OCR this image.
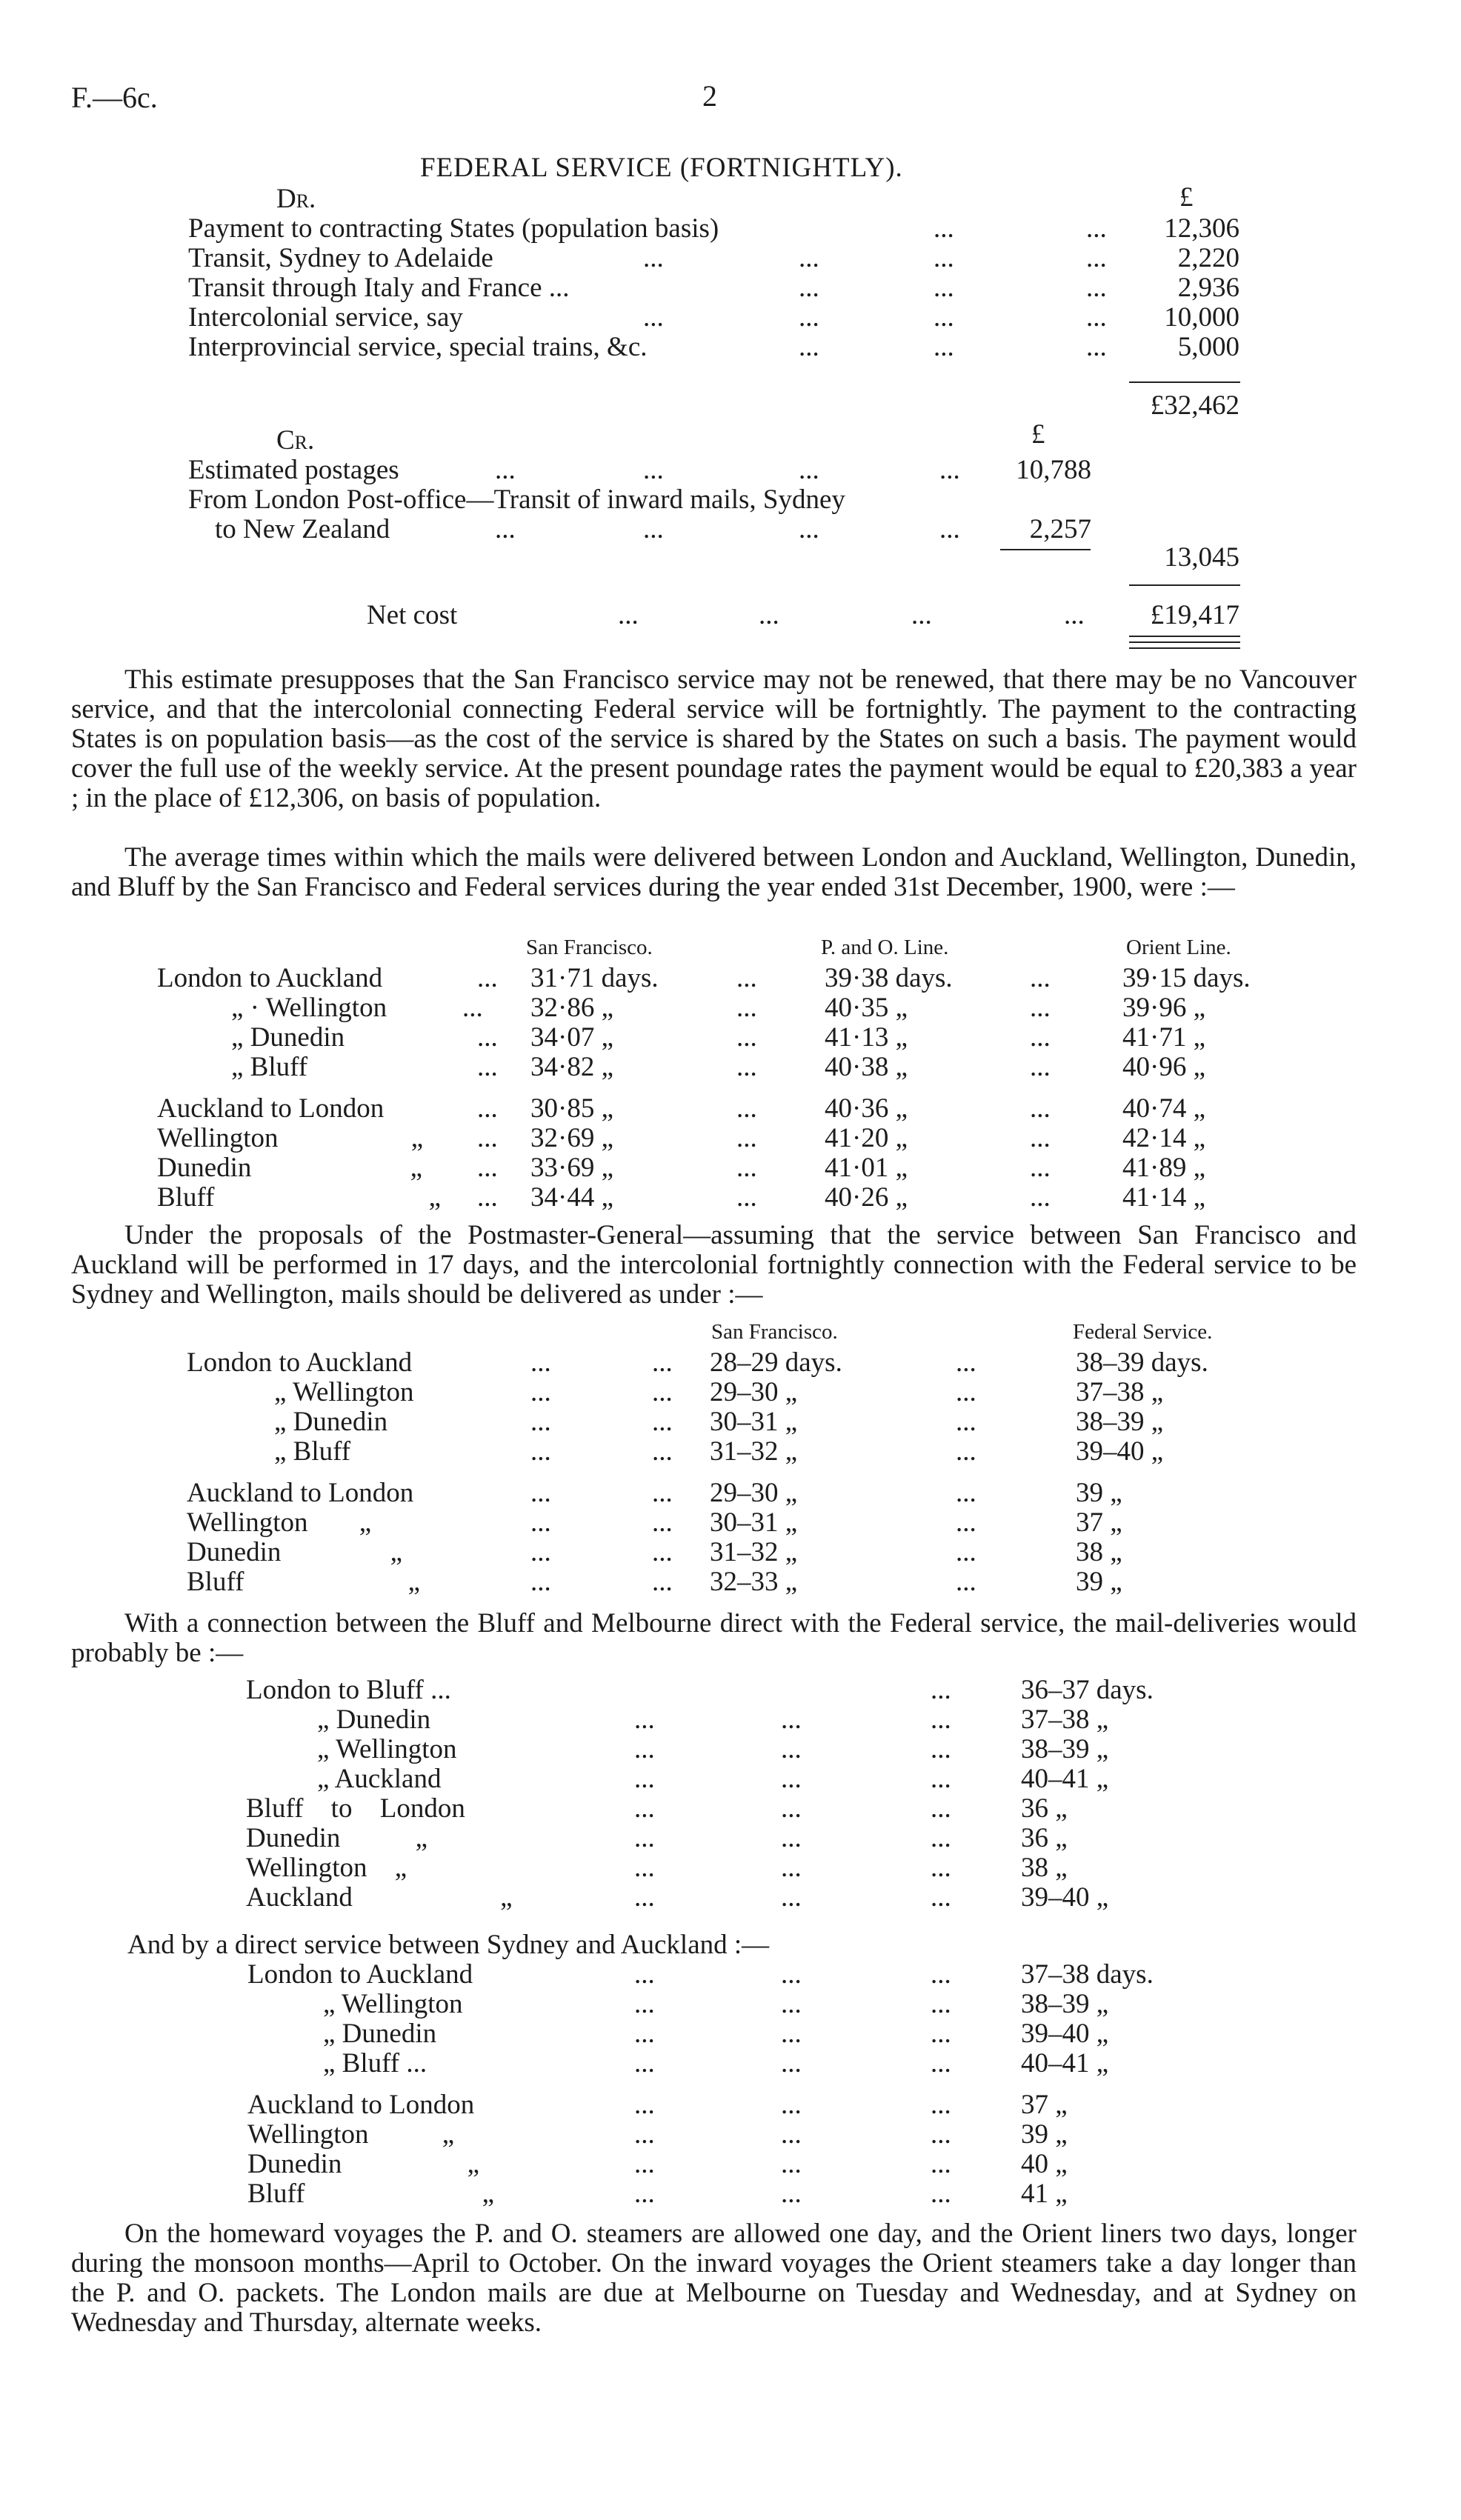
F.—6c.	2
FEDERAL SERVICE (FORTNIGHTLY).
Dr.	£
Payment to contracting States (population basis)	...	...	12,306
Transit, Sydney to Adelaide	...	...	...	...	2,220
Transit through Italy and France ...	...	...	...	2,936
Intercolonial service, say	...	...	...	...	10,000
Interprovincial service, special trains, &c.	...	...	...	5,000
£32,462
Cr.	£
Estimated postages	...	...	...	...	10,788
From London Post-office—Transit of inward mails, Sydney
to New Zealand	...	...	...	...	2,257
13,045
Net cost	...	...	...	...	£19,417
This estimate presupposes that the San Francisco service may not be renewed, that there may be no Vancouver service, and that the intercolonial connecting Federal service will be fortnightly. The payment to the contracting States is on population basis—as the cost of the service is shared by the States on such a basis. The payment would cover the full use of the weekly service. At the present poundage rates the payment would be equal to £20,383 a year ; in the place of £12,306, on basis of population.
The average times within which the mails were delivered between London and Auckland, Wellington, Dunedin, and Bluff by the San Francisco and Federal services during the year ended 31st December, 1900, were :—
San Francisco.	P. and O. Line.	Orient Line.
London to Auckland	... 31·71 days.	... 39·38 days.	...	39·15 days.
„ · Wellington	... 32·86 „	... 40·35 „	...	39·96 „
„ Dunedin	... 34·07 „	... 41·13 „	...	41·71 „
„ Bluff	... 34·82 „	... 40·38 „	...	40·96 „
Auckland to London	... 30·85 „	... 40·36 „	...	40·74 „
Wellington „ ... 32·69 „	... 41·20 „	...	42·14 „
Dunedin „ ... 33·69 „	... 41·01 „	...	41·89 „
Bluff „ ... 34·44 „	... 40·26 „	...	41·14 „
Under the proposals of the Postmaster-General—assuming that the service between San Francisco and Auckland will be performed in 17 days, and the intercolonial fortnightly connection with the Federal service to be Sydney and Wellington, mails should be delivered as under :—
San Francisco.	Federal Service.
London to Auckland	...	... 28–29 days.	...	38–39 days.
„ Wellington	...	... 29–30 „	...	37–38 „
„ Dunedin	...	... 30–31 „	...	38–39 „
„ Bluff	...	... 31–32 „	...	39–40 „
Auckland to London	...	... 29–30 „	...	39 „
Wellington „	...	... 30–31 „	...	37 „
Dunedin „	...	... 31–32 „	...	38 „
Bluff „	...	... 32–33 „	...	39 „
With a connection between the Bluff and Melbourne direct with the Federal service, the mail-deliveries would probably be :—
London to Bluff ...	...	36–37 days.
„ Dunedin	...	...	...	37–38 „
„ Wellington	...	...	...	38–39 „
„ Auckland	...	...	...	40–41 „
Bluff to London	...	...	...	36 „
Dunedin „	...	...	...	36 „
Wellington „	...	...	...	38 „
Auckland „	...	...	...	39–40 „
And by a direct service between Sydney and Auckland :—
London to Auckland	...	...	...	37–38 days.
„ Wellington	...	...	...	38–39 „
„ Dunedin	...	...	...	39–40 „
„ Bluff ...	...	...	...	40–41 „
Auckland to London	...	...	...	37 „
Wellington „	...	...	...	39 „
Dunedin „	...	...	...	40 „
Bluff „	...	...	...	41 „
On the homeward voyages the P. and O. steamers are allowed one day, and the Orient liners two days, longer during the monsoon months—April to October. On the inward voyages the Orient steamers take a day longer than the P. and O. packets. The London mails are due at Melbourne on Tuesday and Wednesday, and at Sydney on Wednesday and Thursday, alternate weeks.
